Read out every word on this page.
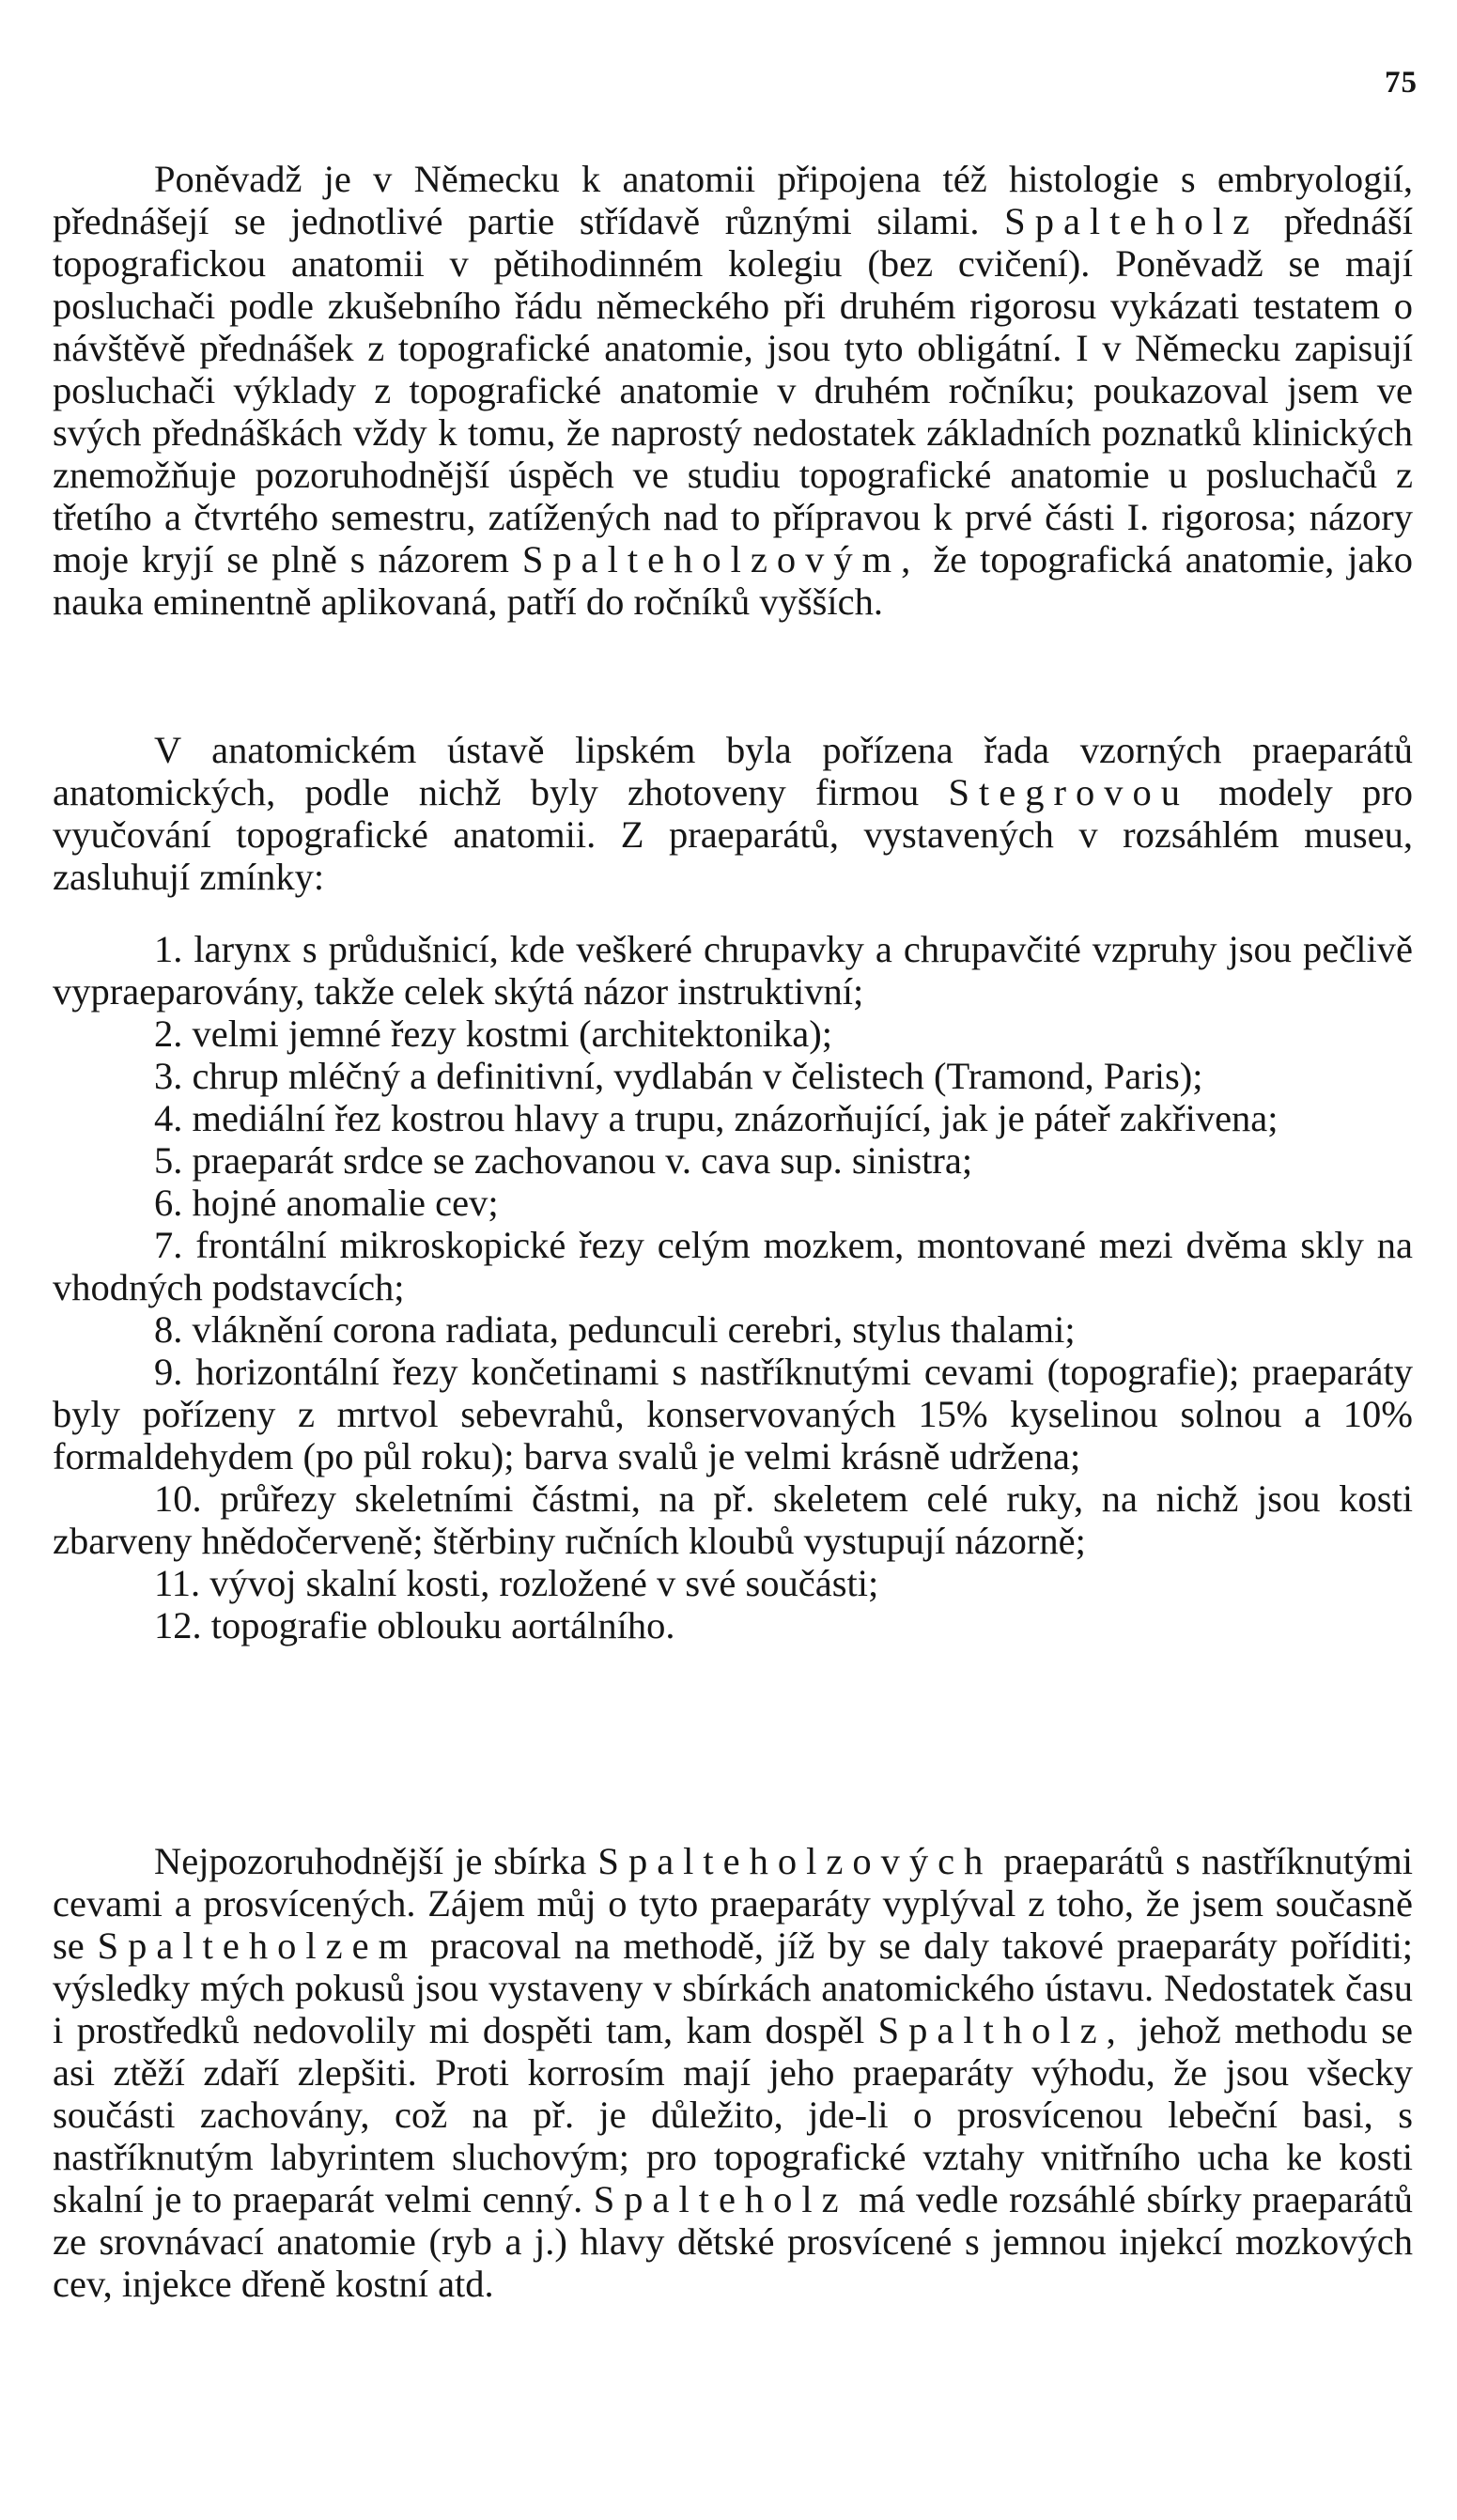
75

Poněvadž je v Německu k anatomii připojena též histologie s embryologií, přednášejí se jednotlivé partie střídavě různými silami. Spalteholz přednáší topografickou anatomii v pětihodinném kolegiu (bez cvičení). Poněvadž se mají posluchači podle zkušebního řádu německého při druhém rigorosu vykázati testatem o návštěvě přednášek z topografické anatomie, jsou tyto obligátní. I v Německu zapisují posluchači výklady z topografické anatomie v druhém ročníku; poukazoval jsem ve svých přednáškách vždy k tomu, že naprostý nedostatek základních poznatků klinických znemožňuje pozoruhodnější úspěch ve studiu topografické anatomie u posluchačů z třetího a čtvrtého semestru, zatížených nad to přípravou k prvé části I. rigorosa; názory moje kryjí se plně s názorem Spalteholzovým, že topografická anatomie, jako nauka eminentně aplikovaná, patří do ročníků vyšších.

V anatomickém ústavě lipském byla pořízena řada vzorných praeparátů anatomických, podle nichž byly zhotoveny firmou Stegrovou modely pro vyučování topografické anatomii. Z praeparátů, vystavených v rozsáhlém museu, zasluhují zmínky:

1. larynx s průdušnicí, kde veškeré chrupavky a chrupavčité vzpruhy jsou pečlivě vypraeparovány, takže celek skýtá názor instruktivní;

2. velmi jemné řezy kostmi (architektonika);

3. chrup mléčný a definitivní, vydlabán v čelistech (Tramond, Paris);

4. mediální řez kostrou hlavy a trupu, znázorňující, jak je páteř zakřivena;

5. praeparát srdce se zachovanou v. cava sup. sinistra;

6. hojné anomalie cev;

7. frontální mikroskopické řezy celým mozkem, montované mezi dvěma skly na vhodných podstavcích;

8. vláknění corona radiata, pedunculi cerebri, stylus thalami;

9. horizontální řezy končetinami s nastříknutými cevami (topografie); praeparáty byly pořízeny z mrtvol sebevrahů, konservovaných 15% kyselinou solnou a 10% formaldehydem (po půl roku); barva svalů je velmi krásně udržena;

10. průřezy skeletními částmi, na př. skeletem celé ruky, na nichž jsou kosti zbarveny hnědočerveně; štěrbiny ručních kloubů vystupují názorně;

11. vývoj skalní kosti, rozložené v své součásti;

12. topografie oblouku aortálního.

Nejpozoruhodnější je sbírka Spalteholzových praeparátů s nastříknutými cevami a prosvícených. Zájem můj o tyto praeparáty vyplýval z toho, že jsem současně se Spalteholzem pracoval na methodě, jíž by se daly takové praeparáty poříditi; výsledky mých pokusů jsou vystaveny v sbírkách anatomického ústavu. Nedostatek času i prostředků nedovolily mi dospěti tam, kam dospěl Spaltholz, jehož methodu se asi ztěží zdaří zlepšiti. Proti korrosím mají jeho praeparáty výhodu, že jsou všecky součásti zachovány, což na př. je důležito, jde-li o prosvícenou lebeční basi, s nastříknutým labyrintem sluchovým; pro topografické vztahy vnitřního ucha ke kosti skalní je to praeparát velmi cenný. Spalteholz má vedle rozsáhlé sbírky praeparátů ze srovnávací anatomie (ryb a j.) hlavy dětské prosvícené s jemnou injekcí mozkových cev, injekce dřeně kostní atd.
